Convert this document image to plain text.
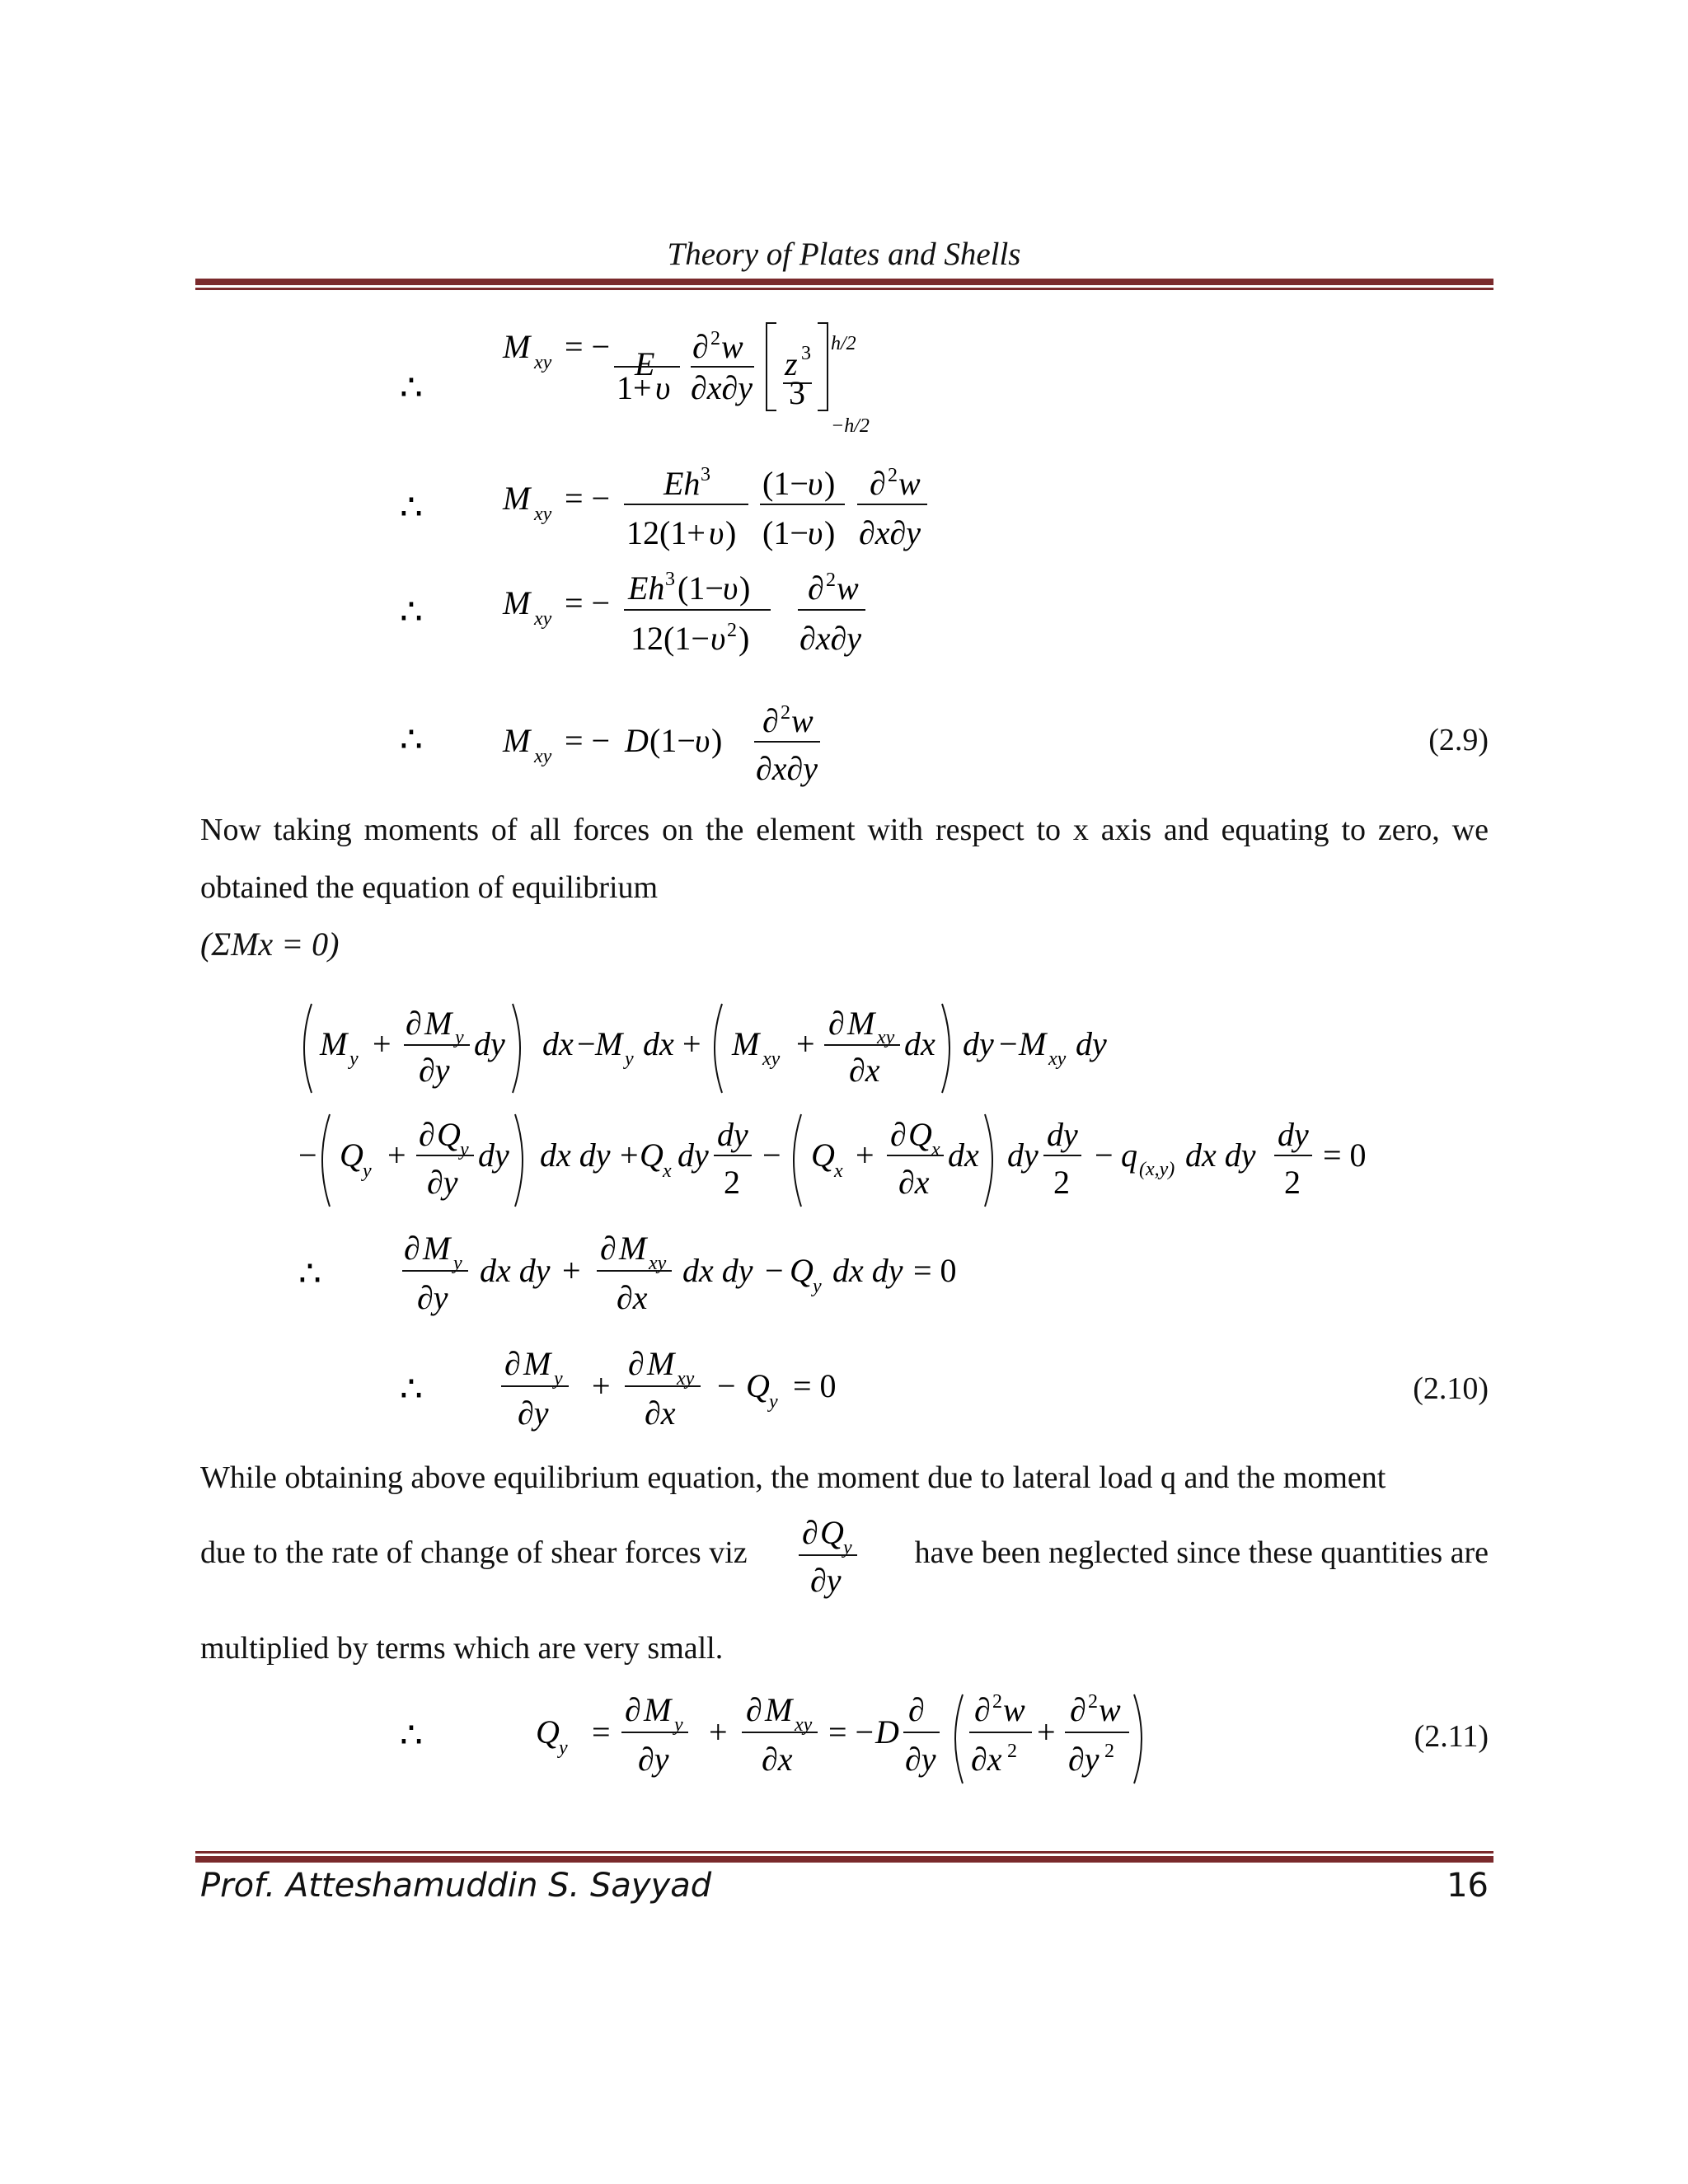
Theory of Plates and Shells
∴
M xy = − E
1+ υ
∂ 2 w
∂x∂y
z 3
3
h/2
−h/2
∴ M xy = − Eh 3
12(1+ υ )
(1− υ )
(1− υ )
∂ 2 w
∂x∂y
∴ M xy = − Eh 3 (1− υ )
12(1− υ 2 )
∂ 2 w
∂x∂y
∴ M xy = − D (1− υ )
∂ 2 w
∂x∂y
(2.9)
Now taking moments of all forces on the element with respect to x axis and equating to zero, we obtained the equation of equilibrium
(ΣMx = 0)
M y +
∂ M y
∂y
dy dx − M y dx + M xy +
∂ M xy
∂x
dx dy − M xy dy
− Q y +
∂ Q y
∂y
dy dx dy + Q x dy
dy
2
− Q x +
∂ Q x
∂x
dx dy
dy
2
− q (x,y) dx dy
dy
2
= 0
∴
∂ M y
∂y
dx dy +
∂ M xy
∂x
dx dy − Q y dx dy = 0
∴
∂ M y
∂y
+
∂ M xy
∂x
− Q y = 0	(2.10)
While obtaining above equilibrium equation, the moment due to lateral load q and the moment
due to the rate of change of shear forces viz
∂ Q y
∂y
have been neglected since these quantities are
multiplied by terms which are very small.
∴	Q y =
∂ M y
∂y
+
∂ M xy
∂x
= − D
∂
∂y
∂ 2 w
∂x 2
+
∂ 2 w
∂y 2	(2.11)
Prof. Atteshamuddin S. Sayyad	16
